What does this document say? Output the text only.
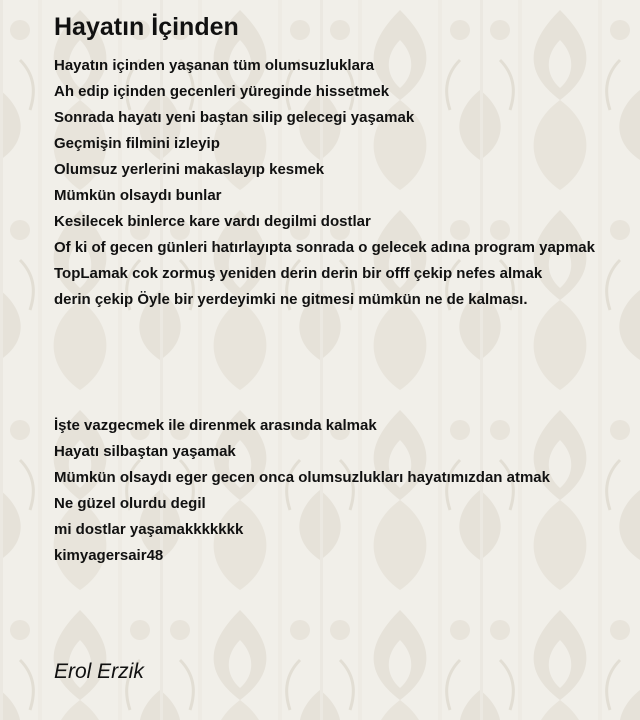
Hayatın İçinden
Hayatın içinden yaşanan tüm olumsuzluklara
Ah edip içinden gecenleri yüreginde hissetmek
Sonrada hayatı yeni baştan silip gelecegi yaşamak
Geçmişin filmini izleyip
Olumsuz yerlerini makaslayıp kesmek
Mümkün olsaydı bunlar
Kesilecek binlerce kare vardı degilmi dostlar
Of ki of gecen günleri hatırlayıpta sonrada o gelecek adına program yapmak
TopLamak cok zormuş yeniden derin derin bir offf çekip nefes almak
derin çekip Öyle bir yerdeyimki ne gitmesi mümkün ne de kalması.
İşte vazgecmek ile direnmek arasında kalmak
Hayatı silbaştan yaşamak
Mümkün olsaydı eger gecen onca olumsuzlukları hayatımızdan atmak
Ne güzel olurdu degil
mi dostlar yaşamakkkkkkk
kimyagersair48

Erol Erzik
